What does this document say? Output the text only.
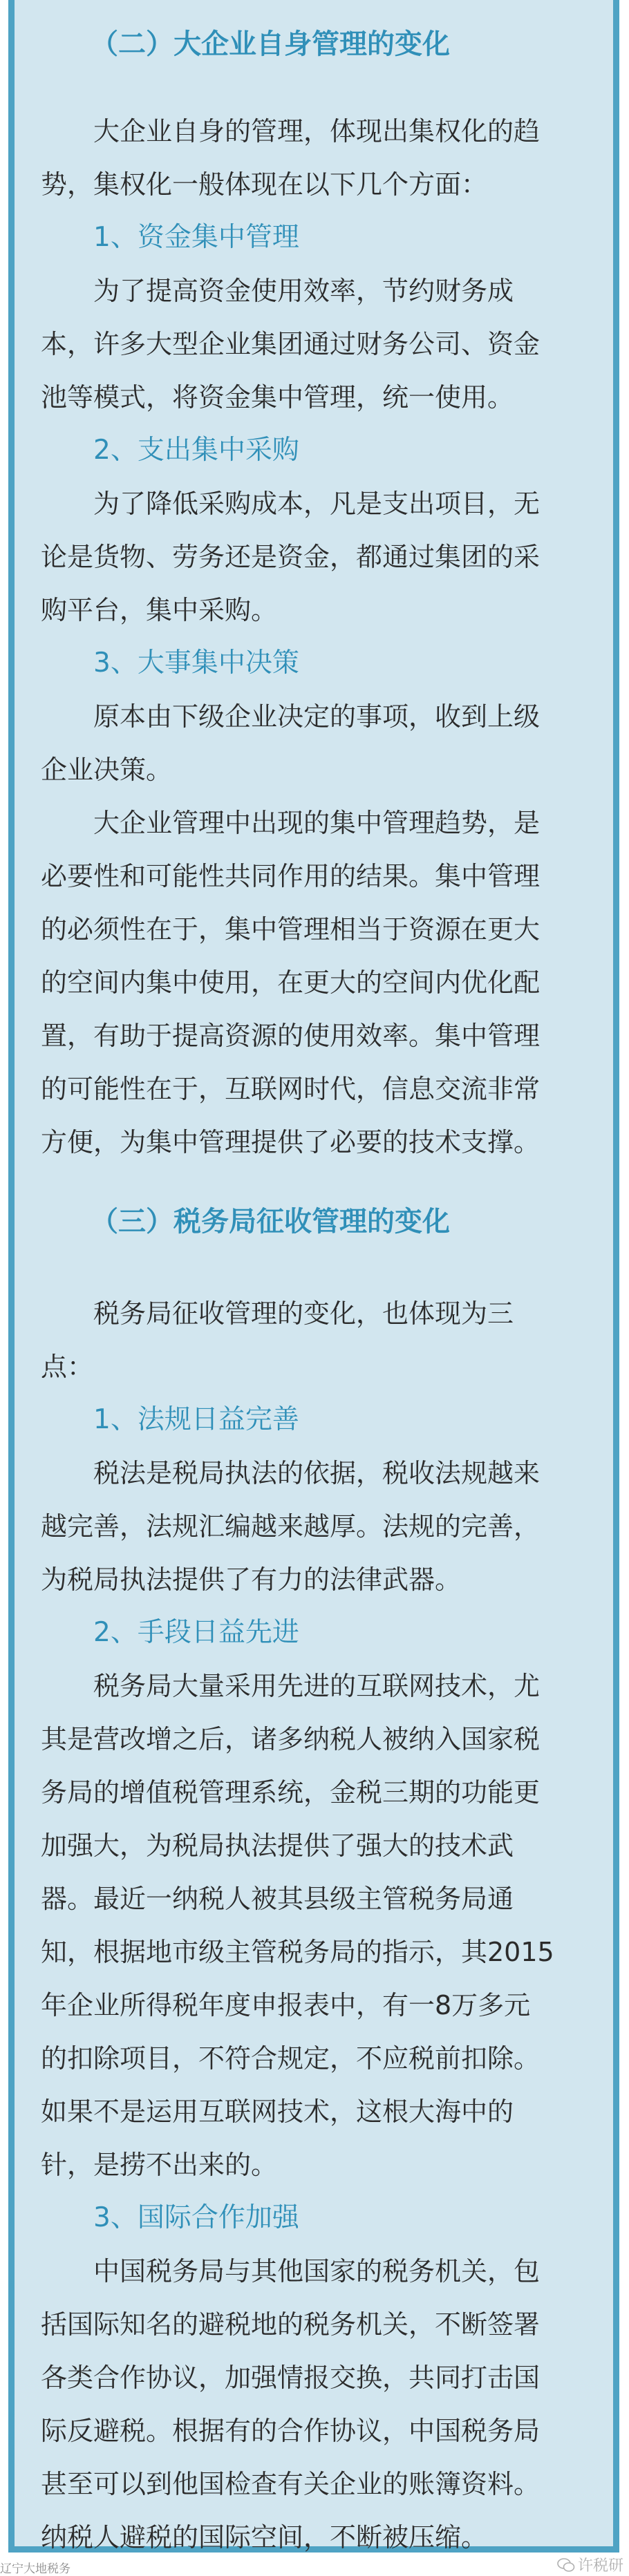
（二）大企业自身管理的变化
大企业自身的管理，体现出集权化的趋
势，集权化一般体现在以下几个方面：
1、资金集中管理
为了提高资金使用效率，节约财务成
本，许多大型企业集团通过财务公司、资金
池等模式，将资金集中管理，统一使用。
2、支出集中采购
为了降低采购成本，凡是支出项目，无
论是货物、劳务还是资金，都通过集团的采
购平台，集中采购。
3、大事集中决策
原本由下级企业决定的事项，收到上级
企业决策。
大企业管理中出现的集中管理趋势，是
必要性和可能性共同作用的结果。集中管理
的必须性在于，集中管理相当于资源在更大
的空间内集中使用，在更大的空间内优化配
置，有助于提高资源的使用效率。集中管理
的可能性在于，互联网时代，信息交流非常
方便，为集中管理提供了必要的技术支撑。
（三）税务局征收管理的变化
税务局征收管理的变化，也体现为三
点：
1、法规日益完善
税法是税局执法的依据，税收法规越来
越完善，法规汇编越来越厚。法规的完善，
为税局执法提供了有力的法律武器。
2、手段日益先进
税务局大量采用先进的互联网技术，尤
其是营改增之后，诸多纳税人被纳入国家税
务局的增值税管理系统，金税三期的功能更
加强大，为税局执法提供了强大的技术武
器。最近一纳税人被其县级主管税务局通
知，根据地市级主管税务局的指示，其2015
年企业所得税年度申报表中，有一8万多元
的扣除项目，不符合规定，不应税前扣除。
如果不是运用互联网技术，这根大海中的
针，是捞不出来的。
3、国际合作加强
中国税务局与其他国家的税务机关，包
括国际知名的避税地的税务机关，不断签署
各类合作协议，加强情报交换，共同打击国
际反避税。根据有的合作协议，中国税务局
甚至可以到他国检查有关企业的账簿资料。
纳税人避税的国际空间，不断被压缩。
辽宁大地税务	许税研
